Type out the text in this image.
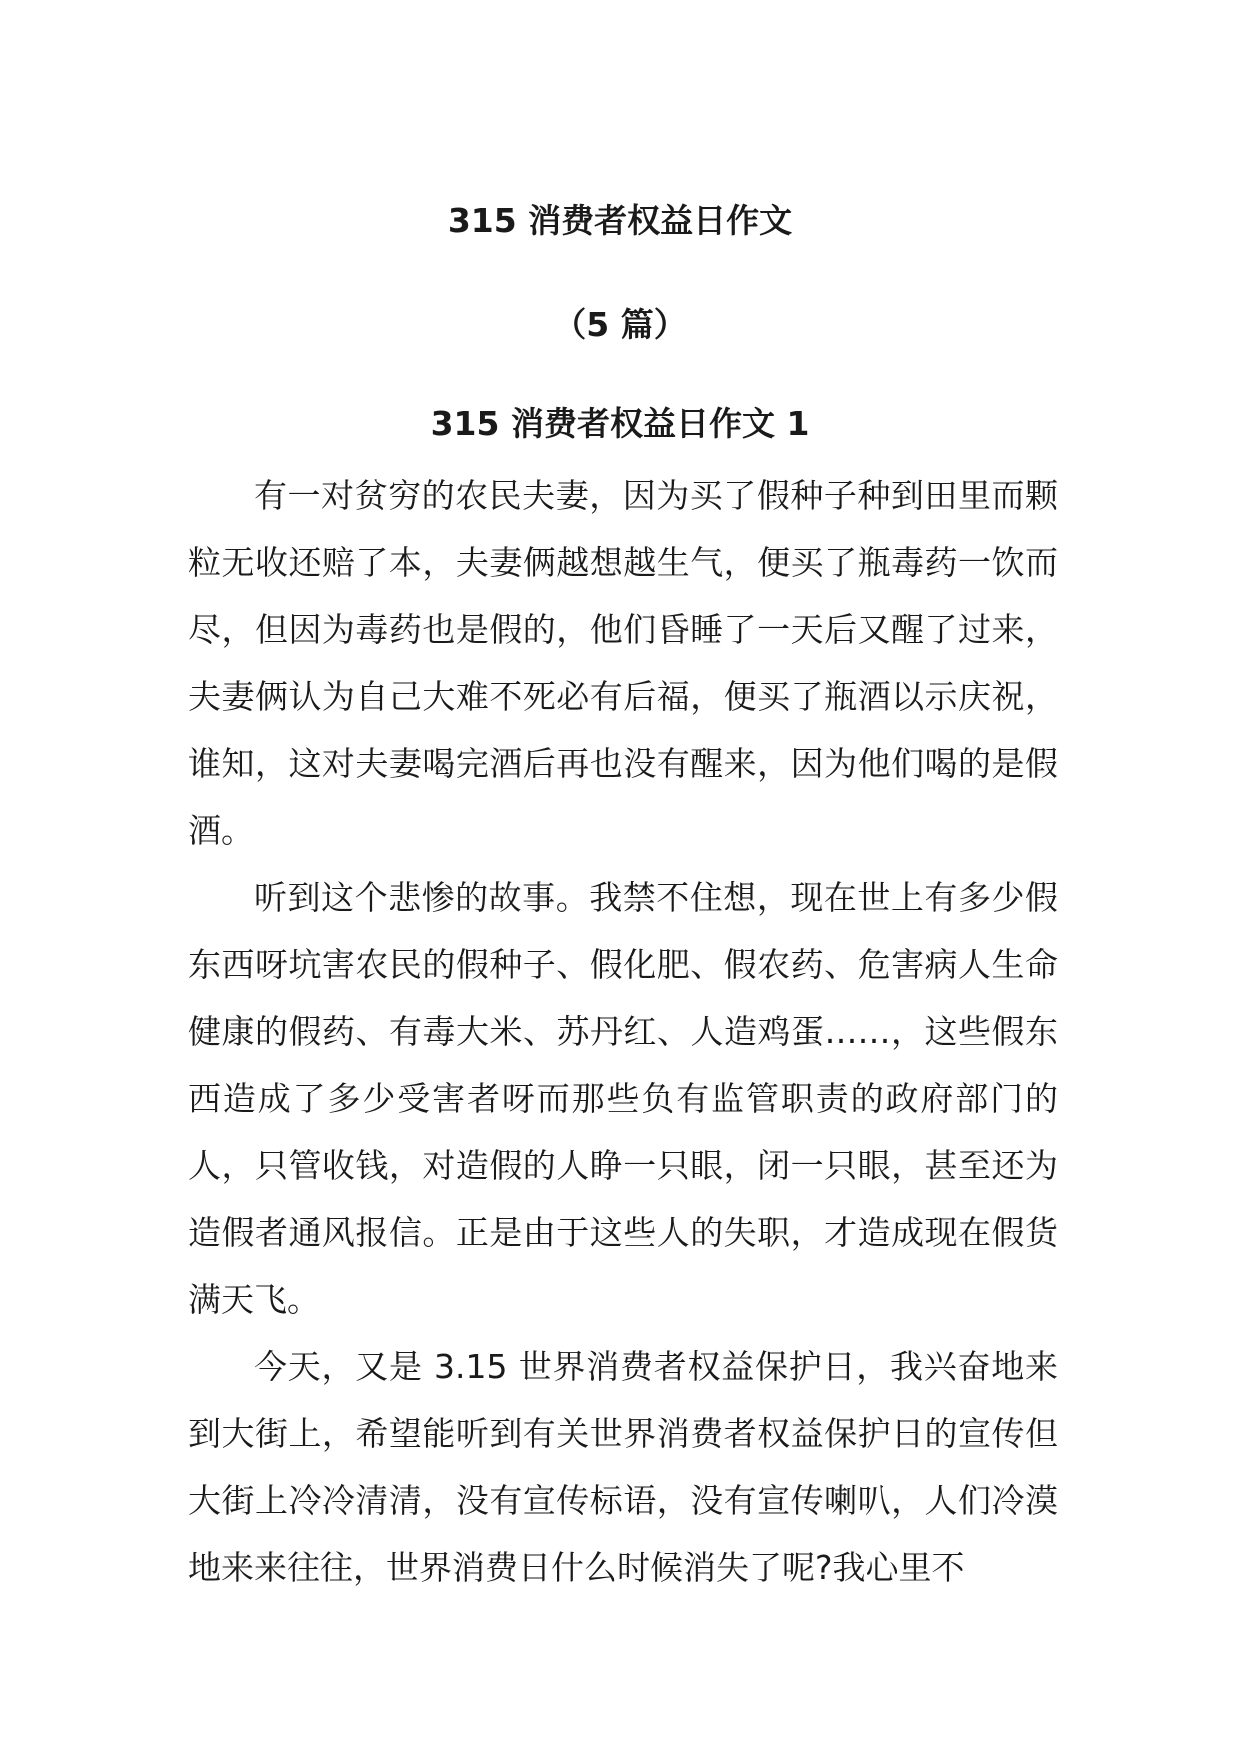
315 消费者权益日作文
（5 篇）
315 消费者权益日作文 1

有一对贫穷的农民夫妻，因为买了假种子种到田里而颗粒无收还赔了本，夫妻俩越想越生气，便买了瓶毒药一饮而尽，但因为毒药也是假的，他们昏睡了一天后又醒了过来，夫妻俩认为自己大难不死必有后福，便买了瓶酒以示庆祝，谁知，这对夫妻喝完酒后再也没有醒来，因为他们喝的是假酒。

听到这个悲惨的故事。我禁不住想，现在世上有多少假东西呀坑害农民的假种子、假化肥、假农药、危害病人生命健康的假药、有毒大米、苏丹红、人造鸡蛋……，这些假东西造成了多少受害者呀而那些负有监管职责的政府部门的人，只管收钱，对造假的人睁一只眼，闭一只眼，甚至还为造假者通风报信。正是由于这些人的失职，才造成现在假货满天飞。

今天，又是 3.15 世界消费者权益保护日，我兴奋地来到大街上，希望能听到有关世界消费者权益保护日的宣传但大街上冷冷清清，没有宣传标语，没有宣传喇叭，人们冷漠地来来往往，世界消费日什么时候消失了呢?我心里不
